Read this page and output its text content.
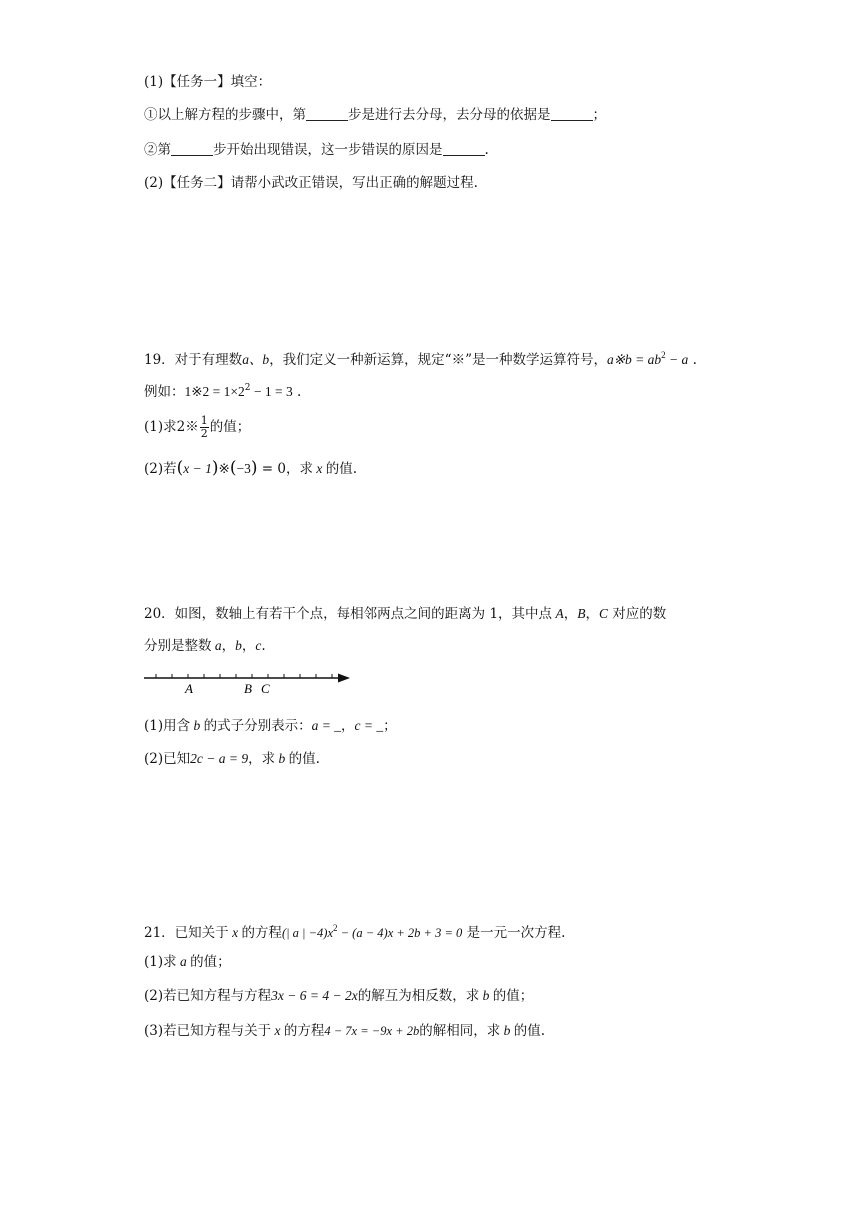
(1)【任务一】填空：
①以上解方程的步骤中，第	步是进行去分母，去分母的依据是	；
②第	步开始出现错误，这一步错误的原因是	.
(2)【任务二】请帮小武改正错误，写出正确的解题过程.
19．对于有理数a、b，我们定义一种新运算，规定“※”是一种数学运算符号，a※b = $ab^2 - a$ .
例如：1※2 = $1\times 2^2 - 1 = 3$ .
(1)求2※ $\frac{1}{2}$ 的值；
(2)若(x − 1)※(−3) = 0，求 x 的值.
20．如图，数轴上有若干个点，每相邻两点之间的距离为 1，其中点 A，B，C 对应的数
分别是整数 a，b，c.
A	B C
(1)用含 b 的式子分别表示：a = _，c = _；
(2)已知2c − a = 9，求 b 的值.
21．已知关于 x 的方程(| a | $-4)x^2 - (a - 4)x + 2b + 3 = 0$ 是一元一次方程.
(1)求 a 的值；
(2)若已知方程与方程3x − 6 = 4 − 2x的解互为相反数，求 b 的值；
(3)若已知方程与关于 x 的方程4 − 7x = −9x + 2b的解相同，求 b 的值.
